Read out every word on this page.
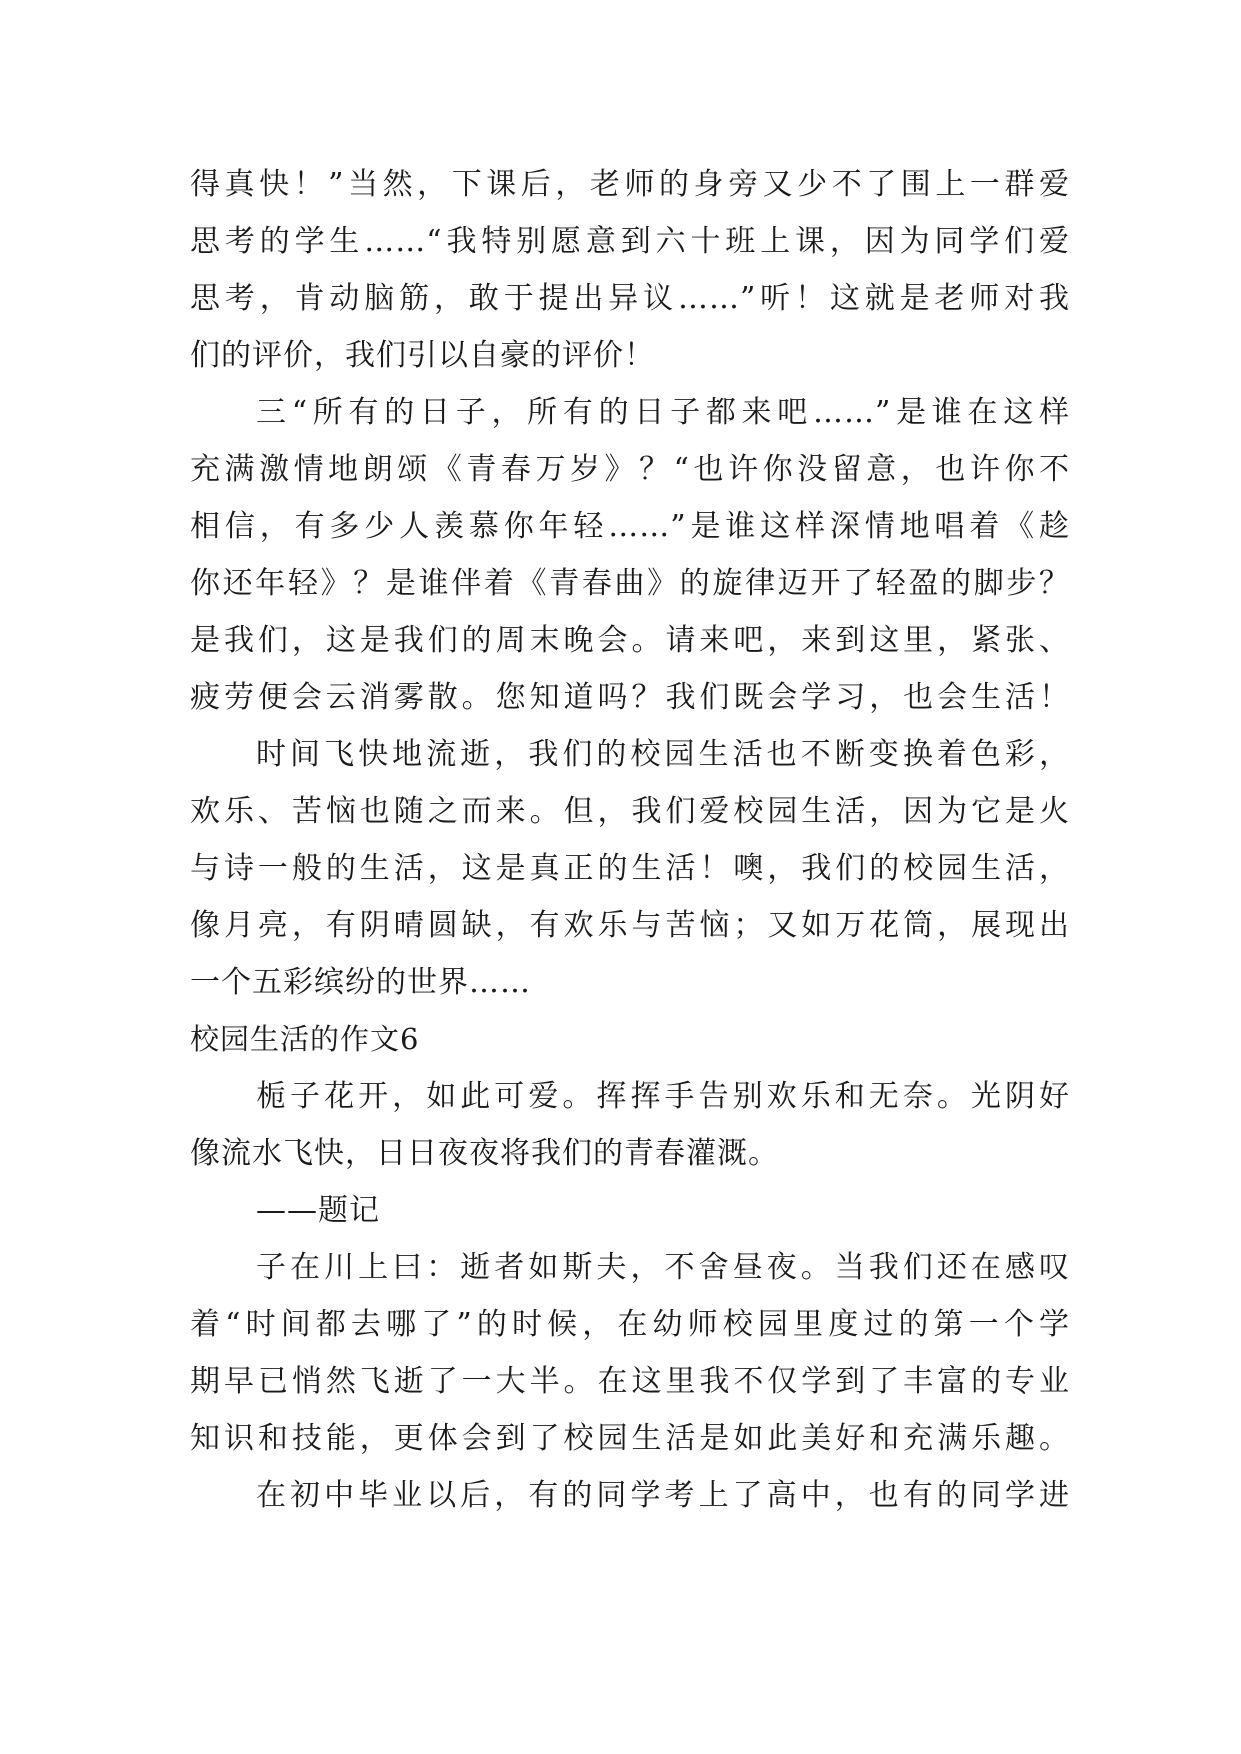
得真快！”当然，下课后，老师的身旁又少不了围上一群爱
思考的学生……“我特别愿意到六十班上课，因为同学们爱
思考，肯动脑筋，敢于提出异议……”听！这就是老师对我
们的评价，我们引以自豪的评价！
三“所有的日子，所有的日子都来吧……”是谁在这样
充满激情地朗颂《青春万岁》？“也许你没留意，也许你不
相信，有多少人羡慕你年轻……”是谁这样深情地唱着《趁
你还年轻》？是谁伴着《青春曲》的旋律迈开了轻盈的脚步？
是我们，这是我们的周末晚会。请来吧，来到这里，紧张、
疲劳便会云消雾散。您知道吗？我们既会学习，也会生活！
时间飞快地流逝，我们的校园生活也不断变换着色彩，
欢乐、苦恼也随之而来。但，我们爱校园生活，因为它是火
与诗一般的生活，这是真正的生活！噢，我们的校园生活，
像月亮，有阴晴圆缺，有欢乐与苦恼；又如万花筒，展现出
一个五彩缤纷的世界……
校园生活的作文6
栀子花开，如此可爱。挥挥手告别欢乐和无奈。光阴好
像流水飞快，日日夜夜将我们的青春灌溉。
——题记
子在川上曰：逝者如斯夫，不舍昼夜。当我们还在感叹
着“时间都去哪了”的时候，在幼师校园里度过的第一个学
期早已悄然飞逝了一大半。在这里我不仅学到了丰富的专业
知识和技能，更体会到了校园生活是如此美好和充满乐趣。
在初中毕业以后，有的同学考上了高中，也有的同学进
